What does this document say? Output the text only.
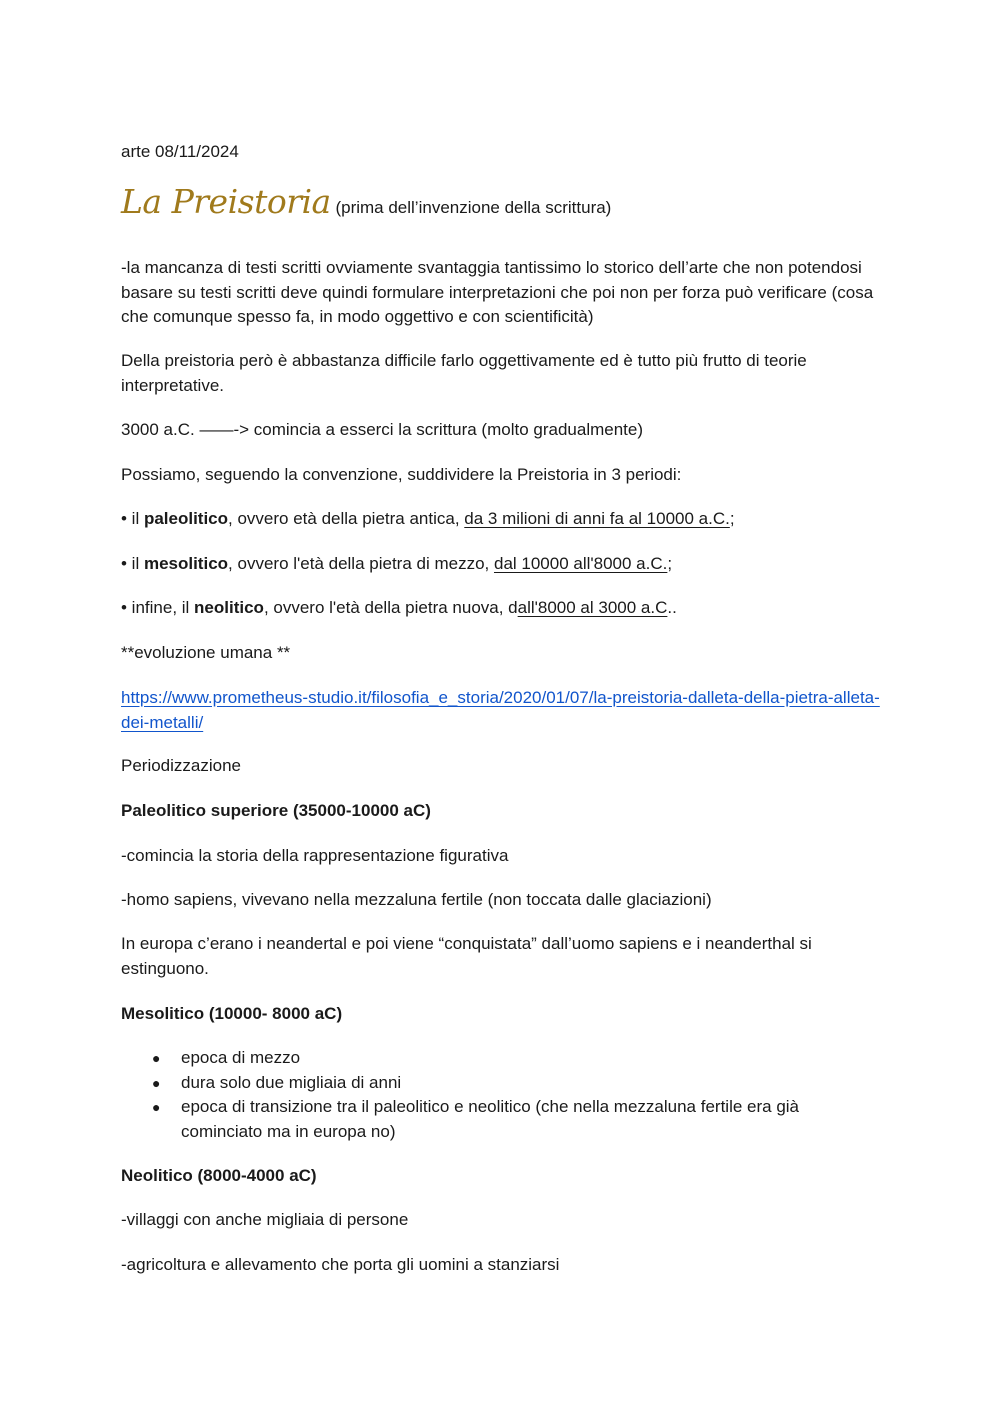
arte 08/11/2024
La Preistoria (prima dell’invenzione della scrittura)
-la mancanza di testi scritti ovviamente svantaggia tantissimo lo storico dell’arte che non potendosi basare su testi scritti deve quindi formulare interpretazioni che poi non per forza può verificare (cosa che comunque spesso fa, in modo oggettivo e con scientificità)
Della preistoria però è abbastanza difficile farlo oggettivamente ed è tutto più frutto di teorie interpretative.
3000 a.C. ——-> comincia a esserci la scrittura (molto gradualmente)
Possiamo, seguendo la convenzione, suddividere la Preistoria in 3 periodi:
• il paleolitico, ovvero età della pietra antica, da 3 milioni di anni fa al 10000 a.C.;
• il mesolitico, ovvero l'età della pietra di mezzo, dal 10000 all'8000 a.C.;
• infine, il neolitico, ovvero l'età della pietra nuova, dall'8000 al 3000 a.C..
**evoluzione umana **
https://www.prometheus-studio.it/filosofia_e_storia/2020/01/07/la-preistoria-dalleta-della-pietra-alleta-dei-metalli/
Periodizzazione
Paleolitico superiore (35000-10000 aC)
-comincia la storia della rappresentazione figurativa
-homo sapiens, vivevano nella mezzaluna fertile (non toccata dalle glaciazioni)
In europa c’erano i neandertal e poi viene “conquistata” dall’uomo sapiens e i neanderthal si estinguono.
Mesolitico (10000- 8000 aC)
● epoca di mezzo
● dura solo due migliaia di anni
● epoca di transizione tra il paleolitico e neolitico (che nella mezzaluna fertile era già cominciato ma in europa no)
Neolitico (8000-4000 aC)
-villaggi con anche migliaia di persone
-agricoltura e allevamento che porta gli uomini a stanziarsi
